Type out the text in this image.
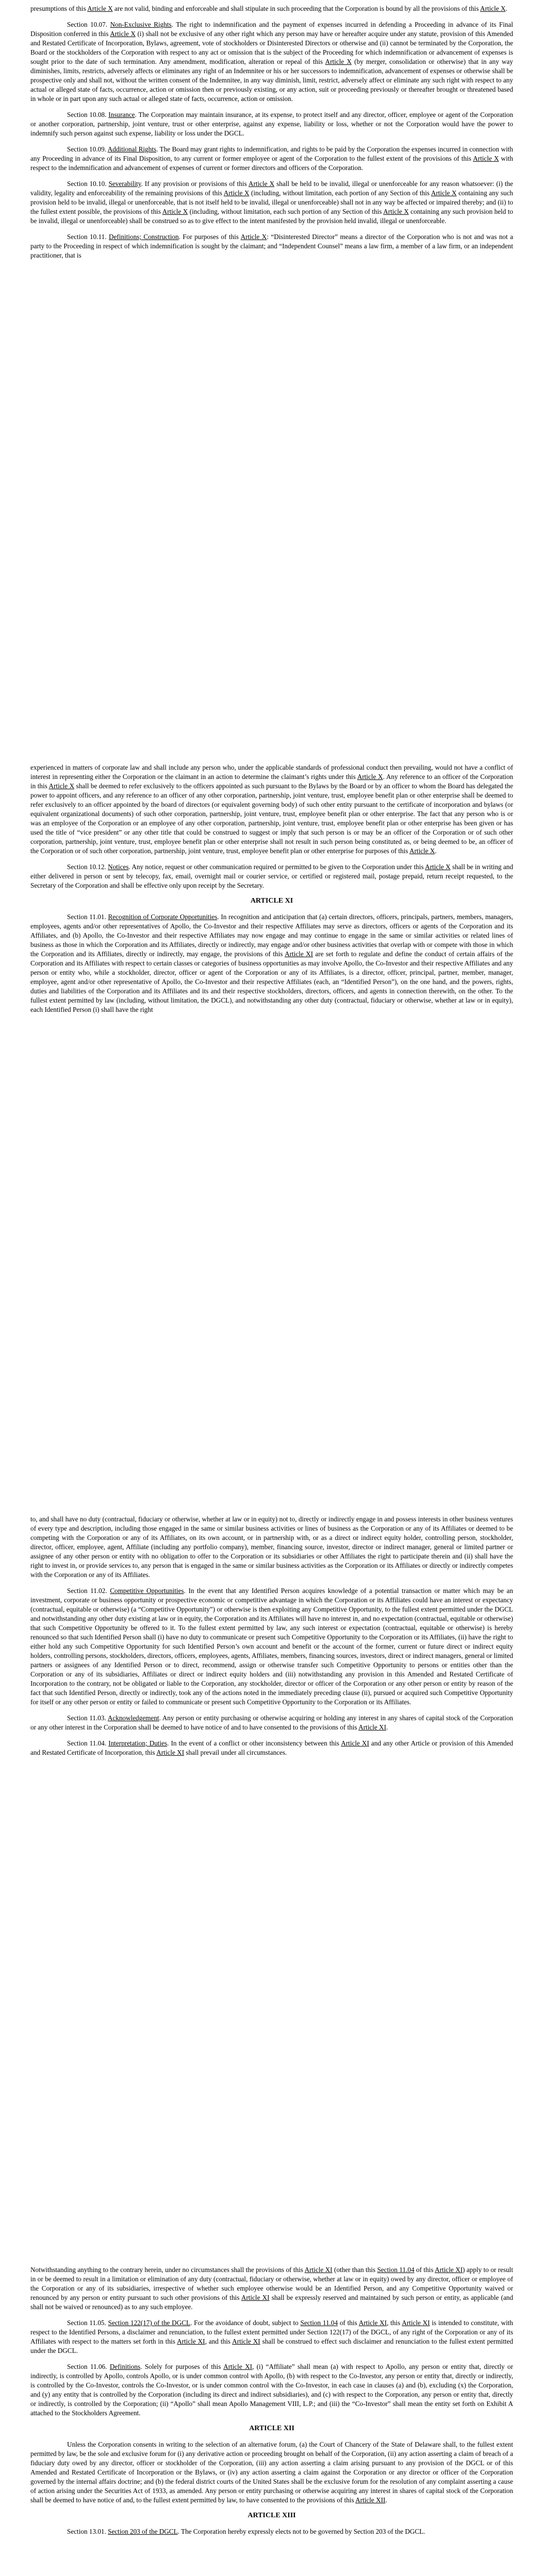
presumptions of this Article X are not valid, binding and enforceable and shall stipulate in such proceeding that the Corporation is bound by all the provisions of this Article X.

Section 10.07. Non-Exclusive Rights. The right to indemnification and the payment of expenses incurred in defending a Proceeding in advance of its Final Disposition conferred in this Article X (i) shall not be exclusive of any other right which any person may have or hereafter acquire under any statute, provision of this Amended and Restated Certificate of Incorporation, Bylaws, agreement, vote of stockholders or Disinterested Directors or otherwise and (ii) cannot be terminated by the Corporation, the Board or the stockholders of the Corporation with respect to any act or omission that is the subject of the Proceeding for which indemnification or advancement of expenses is sought prior to the date of such termination. Any amendment, modification, alteration or repeal of this Article X (by merger, consolidation or otherwise) that in any way diminishes, limits, restricts, adversely affects or eliminates any right of an Indemnitee or his or her successors to indemnification, advancement of expenses or otherwise shall be prospective only and shall not, without the written consent of the Indemnitee, in any way diminish, limit, restrict, adversely affect or eliminate any such right with respect to any actual or alleged state of facts, occurrence, action or omission then or previously existing, or any action, suit or proceeding previously or thereafter brought or threatened based in whole or in part upon any such actual or alleged state of facts, occurrence, action or omission.

Section 10.08. Insurance. The Corporation may maintain insurance, at its expense, to protect itself and any director, officer, employee or agent of the Corporation or another corporation, partnership, joint venture, trust or other enterprise, against any expense, liability or loss, whether or not the Corporation would have the power to indemnify such person against such expense, liability or loss under the DGCL.

Section 10.09. Additional Rights. The Board may grant rights to indemnification, and rights to be paid by the Corporation the expenses incurred in connection with any Proceeding in advance of its Final Disposition, to any current or former employee or agent of the Corporation to the fullest extent of the provisions of this Article X with respect to the indemnification and advancement of expenses of current or former directors and officers of the Corporation.

Section 10.10. Severability. If any provision or provisions of this Article X shall be held to be invalid, illegal or unenforceable for any reason whatsoever: (i) the validity, legality and enforceability of the remaining provisions of this Article X (including, without limitation, each portion of any Section of this Article X containing any such provision held to be invalid, illegal or unenforceable, that is not itself held to be invalid, illegal or unenforceable) shall not in any way be affected or impaired thereby; and (ii) to the fullest extent possible, the provisions of this Article X (including, without limitation, each such portion of any Section of this Article X containing any such provision held to be invalid, illegal or unenforceable) shall be construed so as to give effect to the intent manifested by the provision held invalid, illegal or unenforceable.

Section 10.11. Definitions; Construction. For purposes of this Article X: “Disinterested Director” means a director of the Corporation who is not and was not a party to the Proceeding in respect of which indemnification is sought by the claimant; and “Independent Counsel” means a law firm, a member of a law firm, or an independent practitioner, that is

experienced in matters of corporate law and shall include any person who, under the applicable standards of professional conduct then prevailing, would not have a conflict of interest in representing either the Corporation or the claimant in an action to determine the claimant’s rights under this Article X. Any reference to an officer of the Corporation in this Article X shall be deemed to refer exclusively to the officers appointed as such pursuant to the Bylaws by the Board or by an officer to whom the Board has delegated the power to appoint officers, and any reference to an officer of any other corporation, partnership, joint venture, trust, employee benefit plan or other enterprise shall be deemed to refer exclusively to an officer appointed by the board of directors (or equivalent governing body) of such other entity pursuant to the certificate of incorporation and bylaws (or equivalent organizational documents) of such other corporation, partnership, joint venture, trust, employee benefit plan or other enterprise. The fact that any person who is or was an employee of the Corporation or an employee of any other corporation, partnership, joint venture, trust, employee benefit plan or other enterprise has been given or has used the title of “vice president” or any other title that could be construed to suggest or imply that such person is or may be an officer of the Corporation or of such other corporation, partnership, joint venture, trust, employee benefit plan or other enterprise shall not result in such person being constituted as, or being deemed to be, an officer of the Corporation or of such other corporation, partnership, joint venture, trust, employee benefit plan or other enterprise for purposes of this Article X.

Section 10.12. Notices. Any notice, request or other communication required or permitted to be given to the Corporation under this Article X shall be in writing and either delivered in person or sent by telecopy, fax, email, overnight mail or courier service, or certified or registered mail, postage prepaid, return receipt requested, to the Secretary of the Corporation and shall be effective only upon receipt by the Secretary.

ARTICLE XI

Section 11.01. Recognition of Corporate Opportunities. In recognition and anticipation that (a) certain directors, officers, principals, partners, members, managers, employees, agents and/or other representatives of Apollo, the Co-Investor and their respective Affiliates may serve as directors, officers or agents of the Corporation and its Affiliates, and (b) Apollo, the Co-Investor and their respective Affiliates may now engage and may continue to engage in the same or similar activities or related lines of business as those in which the Corporation and its Affiliates, directly or indirectly, may engage and/or other business activities that overlap with or compete with those in which the Corporation and its Affiliates, directly or indirectly, may engage, the provisions of this Article XI are set forth to regulate and define the conduct of certain affairs of the Corporation and its Affiliates with respect to certain classes or categories of business opportunities as may involve Apollo, the Co-Investor and their respective Affiliates and any person or entity who, while a stockholder, director, officer or agent of the Corporation or any of its Affiliates, is a director, officer, principal, partner, member, manager, employee, agent and/or other representative of Apollo, the Co-Investor and their respective Affiliates (each, an “Identified Person”), on the one hand, and the powers, rights, duties and liabilities of the Corporation and its Affiliates and its and their respective stockholders, directors, officers, and agents in connection therewith, on the other. To the fullest extent permitted by law (including, without limitation, the DGCL), and notwithstanding any other duty (contractual, fiduciary or otherwise, whether at law or in equity), each Identified Person (i) shall have the right

to, and shall have no duty (contractual, fiduciary or otherwise, whether at law or in equity) not to, directly or indirectly engage in and possess interests in other business ventures of every type and description, including those engaged in the same or similar business activities or lines of business as the Corporation or any of its Affiliates or deemed to be competing with the Corporation or any of its Affiliates, on its own account, or in partnership with, or as a direct or indirect equity holder, controlling person, stockholder, director, officer, employee, agent, Affiliate (including any portfolio company), member, financing source, investor, director or indirect manager, general or limited partner or assignee of any other person or entity with no obligation to offer to the Corporation or its subsidiaries or other Affiliates the right to participate therein and (ii) shall have the right to invest in, or provide services to, any person that is engaged in the same or similar business activities as the Corporation or its Affiliates or directly or indirectly competes with the Corporation or any of its Affiliates.

Section 11.02. Competitive Opportunities. In the event that any Identified Person acquires knowledge of a potential transaction or matter which may be an investment, corporate or business opportunity or prospective economic or competitive advantage in which the Corporation or its Affiliates could have an interest or expectancy (contractual, equitable or otherwise) (a “Competitive Opportunity”) or otherwise is then exploiting any Competitive Opportunity, to the fullest extent permitted under the DGCL and notwithstanding any other duty existing at law or in equity, the Corporation and its Affiliates will have no interest in, and no expectation (contractual, equitable or otherwise) that such Competitive Opportunity be offered to it. To the fullest extent permitted by law, any such interest or expectation (contractual, equitable or otherwise) is hereby renounced so that such Identified Person shall (i) have no duty to communicate or present such Competitive Opportunity to the Corporation or its Affiliates, (ii) have the right to either hold any such Competitive Opportunity for such Identified Person’s own account and benefit or the account of the former, current or future direct or indirect equity holders, controlling persons, stockholders, directors, officers, employees, agents, Affiliates, members, financing sources, investors, direct or indirect managers, general or limited partners or assignees of any Identified Person or to direct, recommend, assign or otherwise transfer such Competitive Opportunity to persons or entities other than the Corporation or any of its subsidiaries, Affiliates or direct or indirect equity holders and (iii) notwithstanding any provision in this Amended and Restated Certificate of Incorporation to the contrary, not be obligated or liable to the Corporation, any stockholder, director or officer of the Corporation or any other person or entity by reason of the fact that such Identified Person, directly or indirectly, took any of the actions noted in the immediately preceding clause (ii), pursued or acquired such Competitive Opportunity for itself or any other person or entity or failed to communicate or present such Competitive Opportunity to the Corporation or its Affiliates.

Section 11.03. Acknowledgement. Any person or entity purchasing or otherwise acquiring or holding any interest in any shares of capital stock of the Corporation or any other interest in the Corporation shall be deemed to have notice of and to have consented to the provisions of this Article XI.

Section 11.04. Interpretation; Duties. In the event of a conflict or other inconsistency between this Article XI and any other Article or provision of this Amended and Restated Certificate of Incorporation, this Article XI shall prevail under all circumstances.

Notwithstanding anything to the contrary herein, under no circumstances shall the provisions of this Article XI (other than this Section 11.04 of this Article XI) apply to or result in or be deemed to result in a limitation or elimination of any duty (contractual, fiduciary or otherwise, whether at law or in equity) owed by any director, officer or employee of the Corporation or any of its subsidiaries, irrespective of whether such employee otherwise would be an Identified Person, and any Competitive Opportunity waived or renounced by any person or entity pursuant to such other provisions of this Article XI shall be expressly reserved and maintained by such person or entity, as applicable (and shall not be waived or renounced) as to any such employee.

Section 11.05. Section 122(17) of the DGCL. For the avoidance of doubt, subject to Section 11.04 of this Article XI, this Article XI is intended to constitute, with respect to the Identified Persons, a disclaimer and renunciation, to the fullest extent permitted under Section 122(17) of the DGCL, of any right of the Corporation or any of its Affiliates with respect to the matters set forth in this Article XI, and this Article XI shall be construed to effect such disclaimer and renunciation to the fullest extent permitted under the DGCL.

Section 11.06. Definitions. Solely for purposes of this Article XI, (i) “Affiliate” shall mean (a) with respect to Apollo, any person or entity that, directly or indirectly, is controlled by Apollo, controls Apollo, or is under common control with Apollo, (b) with respect to the Co-Investor, any person or entity that, directly or indirectly, is controlled by the Co-Investor, controls the Co-Investor, or is under common control with the Co-Investor, in each case in clauses (a) and (b), excluding (x) the Corporation, and (y) any entity that is controlled by the Corporation (including its direct and indirect subsidiaries), and (c) with respect to the Corporation, any person or entity that, directly or indirectly, is controlled by the Corporation; (ii) “Apollo” shall mean Apollo Management VIII, L.P.; and (iii) the “Co-Investor” shall mean the entity set forth on Exhibit A attached to the Stockholders Agreement.

ARTICLE XII

Unless the Corporation consents in writing to the selection of an alternative forum, (a) the Court of Chancery of the State of Delaware shall, to the fullest extent permitted by law, be the sole and exclusive forum for (i) any derivative action or proceeding brought on behalf of the Corporation, (ii) any action asserting a claim of breach of a fiduciary duty owed by any director, officer or stockholder of the Corporation, (iii) any action asserting a claim arising pursuant to any provision of the DGCL or of this Amended and Restated Certificate of Incorporation or the Bylaws, or (iv) any action asserting a claim against the Corporation or any director or officer of the Corporation governed by the internal affairs doctrine; and (b) the federal district courts of the United States shall be the exclusive forum for the resolution of any complaint asserting a cause of action arising under the Securities Act of 1933, as amended. Any person or entity purchasing or otherwise acquiring any interest in shares of capital stock of the Corporation shall be deemed to have notice of and, to the fullest extent permitted by law, to have consented to the provisions of this Article XII.

ARTICLE XIII

Section 13.01. Section 203 of the DGCL. The Corporation hereby expressly elects not to be governed by Section 203 of the DGCL.
